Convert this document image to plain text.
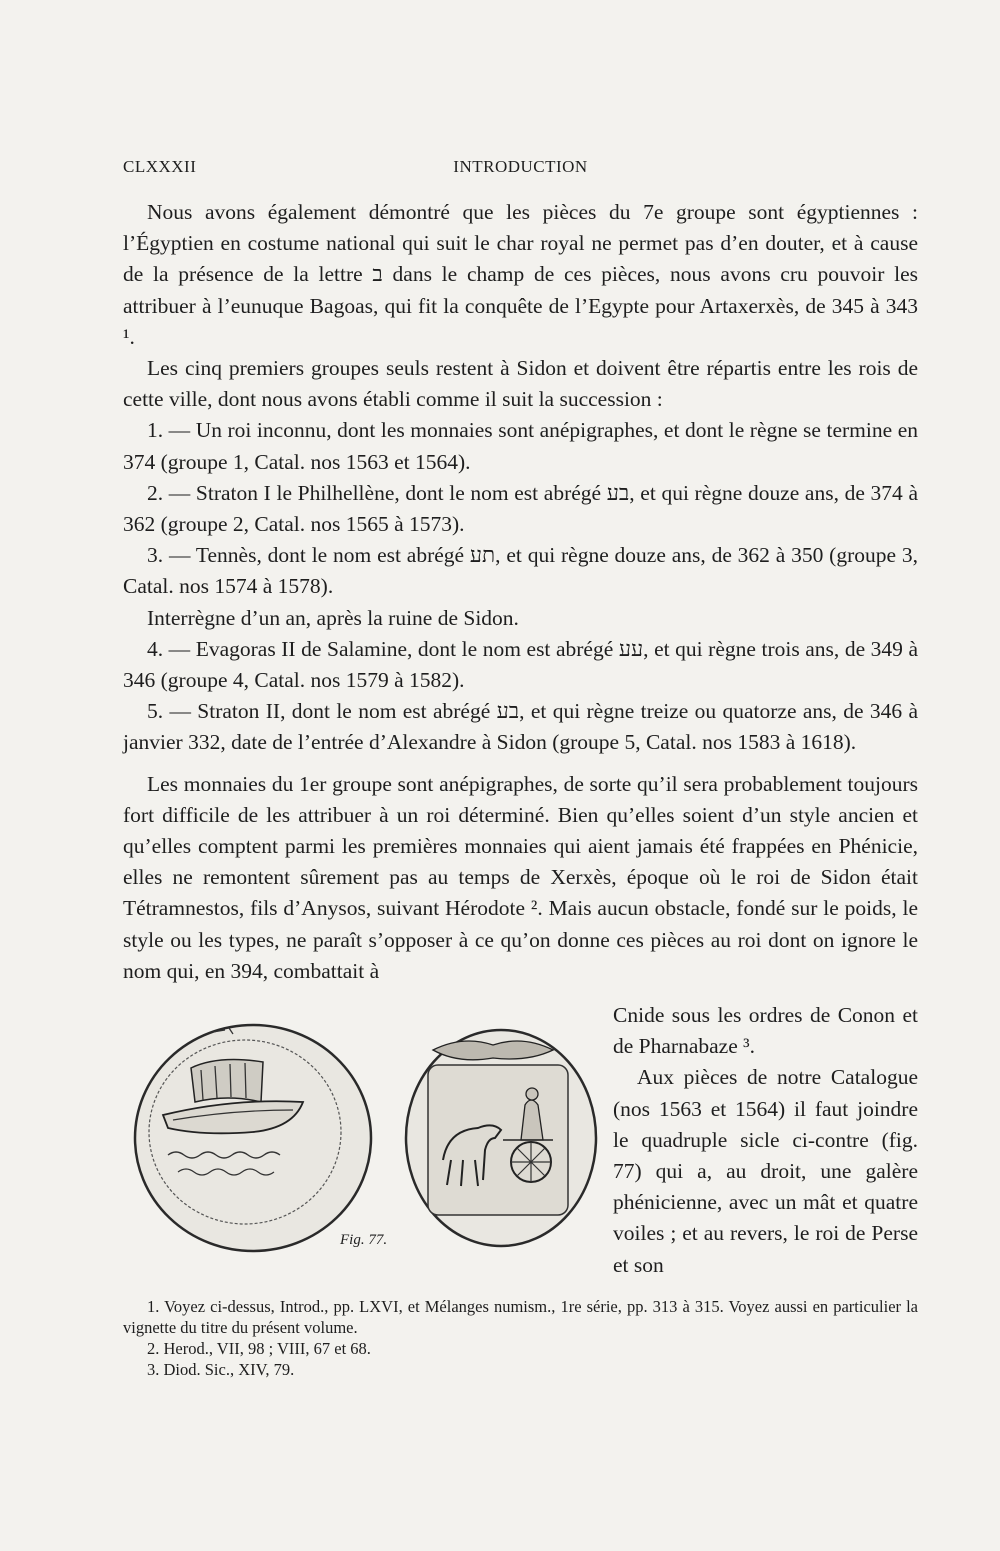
CLXXXII	INTRODUCTION

Nous avons également démontré que les pièces du 7e groupe sont égyptiennes : l’Égyptien en costume national qui suit le char royal ne permet pas d’en douter, et à cause de la présence de la lettre ב dans le champ de ces pièces, nous avons cru pouvoir les attribuer à l’eunuque Bagoas, qui fit la conquête de l’Egypte pour Artaxerxès, de 345 à 343 ¹.

Les cinq premiers groupes seuls restent à Sidon et doivent être répartis entre les rois de cette ville, dont nous avons établi comme il suit la succession :

1. — Un roi inconnu, dont les monnaies sont anépigraphes, et dont le règne se termine en 374 (groupe 1, Catal. nos 1563 et 1564).

2. — Straton I le Philhellène, dont le nom est abrégé בע, et qui règne douze ans, de 374 à 362 (groupe 2, Catal. nos 1565 à 1573).

3. — Tennès, dont le nom est abrégé תע, et qui règne douze ans, de 362 à 350 (groupe 3, Catal. nos 1574 à 1578).

Interrègne d’un an, après la ruine de Sidon.

4. — Evagoras II de Salamine, dont le nom est abrégé עע, et qui règne trois ans, de 349 à 346 (groupe 4, Catal. nos 1579 à 1582).

5. — Straton II, dont le nom est abrégé בע, et qui règne treize ou quatorze ans, de 346 à janvier 332, date de l’entrée d’Alexandre à Sidon (groupe 5, Catal. nos 1583 à 1618).

Les monnaies du 1er groupe sont anépigraphes, de sorte qu’il sera probablement toujours fort difficile de les attribuer à un roi déterminé. Bien qu’elles soient d’un style ancien et qu’elles comptent parmi les premières monnaies qui aient jamais été frappées en Phénicie, elles ne remontent sûrement pas au temps de Xerxès, époque où le roi de Sidon était Tétramnestos, fils d’Anysos, suivant Hérodote ². Mais aucun obstacle, fondé sur le poids, le style ou les types, ne paraît s’opposer à ce qu’on donne ces pièces au roi dont on ignore le nom qui, en 394, combattait à

Fig. 77.

Cnide sous les ordres de Conon et de Pharnabaze ³.

Aux pièces de notre Catalogue (nos 1563 et 1564) il faut joindre le quadruple sicle ci-contre (fig. 77) qui a, au droit, une galère phénicienne, avec un mât et quatre voiles ; et au revers, le roi de Perse et son

1. Voyez ci-dessus, Introd., pp. LXVI, et Mélanges numism., 1re série, pp. 313 à 315. Voyez aussi en particulier la vignette du titre du présent volume.

2. Herod., VII, 98 ; VIII, 67 et 68.

3. Diod. Sic., XIV, 79.
